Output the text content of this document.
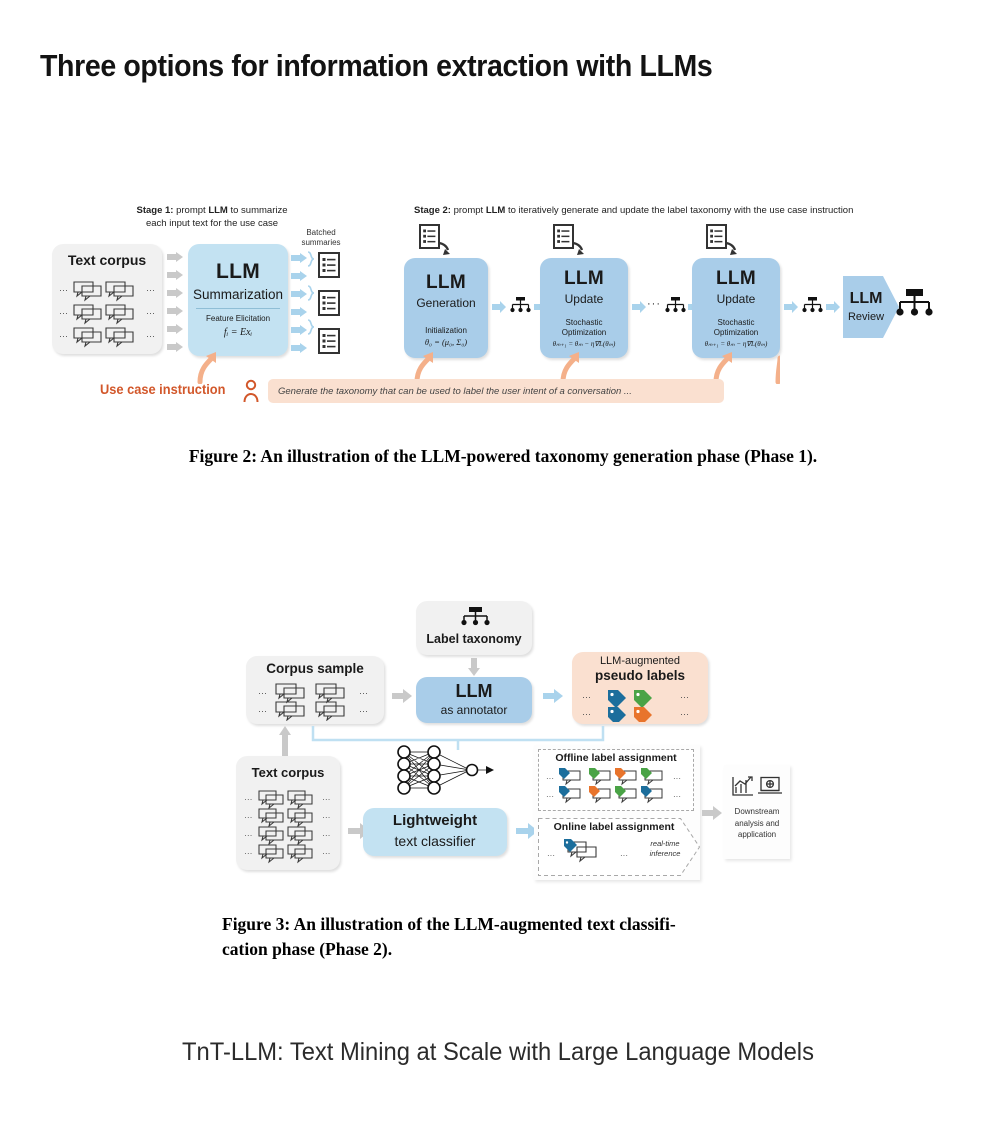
Three options for information extraction with LLMs
Stage 1: prompt LLM to summarize
each input text for the use case
Stage 2: prompt LLM to iteratively generate and update the label taxonomy with the use case instruction
Text corpus
···	···
···	···
···	···
LLM
Summarization
Feature Elicitation
fᵢ = Exᵢ
Batched
summaries
LLM
Generation
Initialization
θ₀ = (μ₀, Σ₀)
LLM
Update
Stochastic
Optimization
θₘ₊₁ = θₘ − η∇L(θₘ)
···
LLM
Update
Stochastic
Optimization
θₘ₊₁ = θₘ − η∇L(θₘ)
LLM
Review
Use case instruction	Generate the taxonomy that can be used to label the user intent of a conversation ...
Figure 2: An illustration of the LLM-powered taxonomy generation phase (Phase 1).
Label taxonomy
Corpus sample
···	···
···	···
LLM
as annotator
LLM-augmented
pseudo labels
···	···
···	···
Text corpus
···	···
···	···
···	···
···	···
Lightweight
text classifier
Offline label assignment
···	···
···	···
Online label assignment
···	···
real-time
inference
Downstream
analysis and
application
Figure 3: An illustration of the LLM-augmented text classifi-
cation phase (Phase 2).
TnT-LLM: Text Mining at Scale with Large Language Models
